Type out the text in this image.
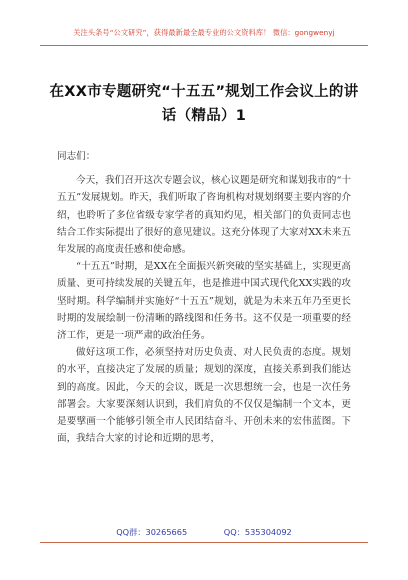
关注头条号“公文研究”，获得最新最全最专业的公文资料库！ 微信：gongwenyj
在XX市专题研究“十五五”规划工作会议上的讲话（精品）1

同志们：

今天，我们召开这次专题会议，核心议题是研究和谋划我市的“十五五”发展规划。昨天，我们听取了咨询机构对规划纲要主要内容的介绍，也聆听了多位省级专家学者的真知灼见，相关部门的负责同志也结合工作实际提出了很好的意见建议。这充分体现了大家对XX未来五年发展的高度责任感和使命感。

“十五五”时期，是XX在全面振兴新突破的坚实基础上，实现更高质量、更可持续发展的关键五年，也是推进中国式现代化XX实践的攻坚时期。科学编制并实施好“十五五”规划，就是为未来五年乃至更长时期的发展绘制一份清晰的路线图和任务书。这不仅是一项重要的经济工作，更是一项严肃的政治任务。

做好这项工作，必须坚持对历史负责、对人民负责的态度。规划的水平，直接决定了发展的质量；规划的深度，直接关系到我们能达到的高度。因此，今天的会议，既是一次思想统一会，也是一次任务部署会。大家要深刻认识到，我们肩负的不仅仅是编制一个文本，更是要擘画一个能够引领全市人民团结奋斗、开创未来的宏伟蓝图。下面，我结合大家的讨论和近期的思考，

QQ群：30265665	QQ：535304092
